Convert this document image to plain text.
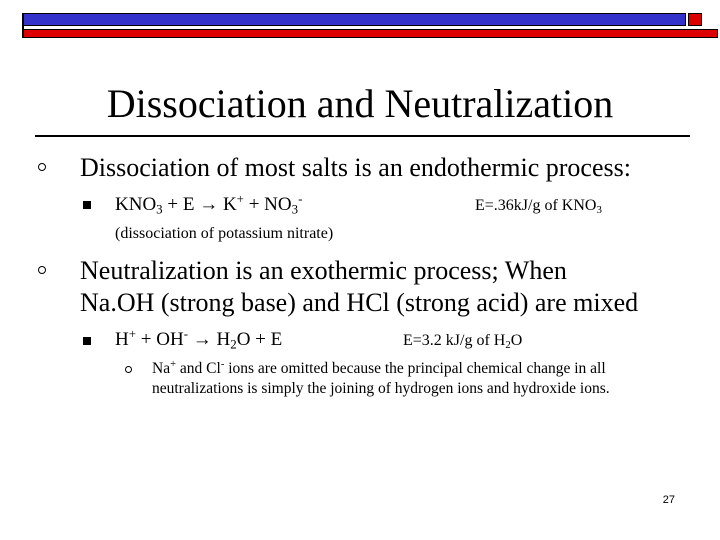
Dissociation and Neutralization
Dissociation of most salts is an endothermic process:
$KNO_3 + E \to K^+ + NO_3^-$	E=.36kJ/g of $KNO_3$
(dissociation of potassium nitrate)
Neutralization is an exothermic process; When
Na.OH (strong base) and HCl (strong acid) are mixed
$H^+ + OH^- \to H_2O + E$	E=3.2 kJ/g of $H_2O$
Na+ and Cl- ions are omitted because the principal chemical change in all neutralizations is simply the joining of hydrogen ions and hydroxide ions.
27
